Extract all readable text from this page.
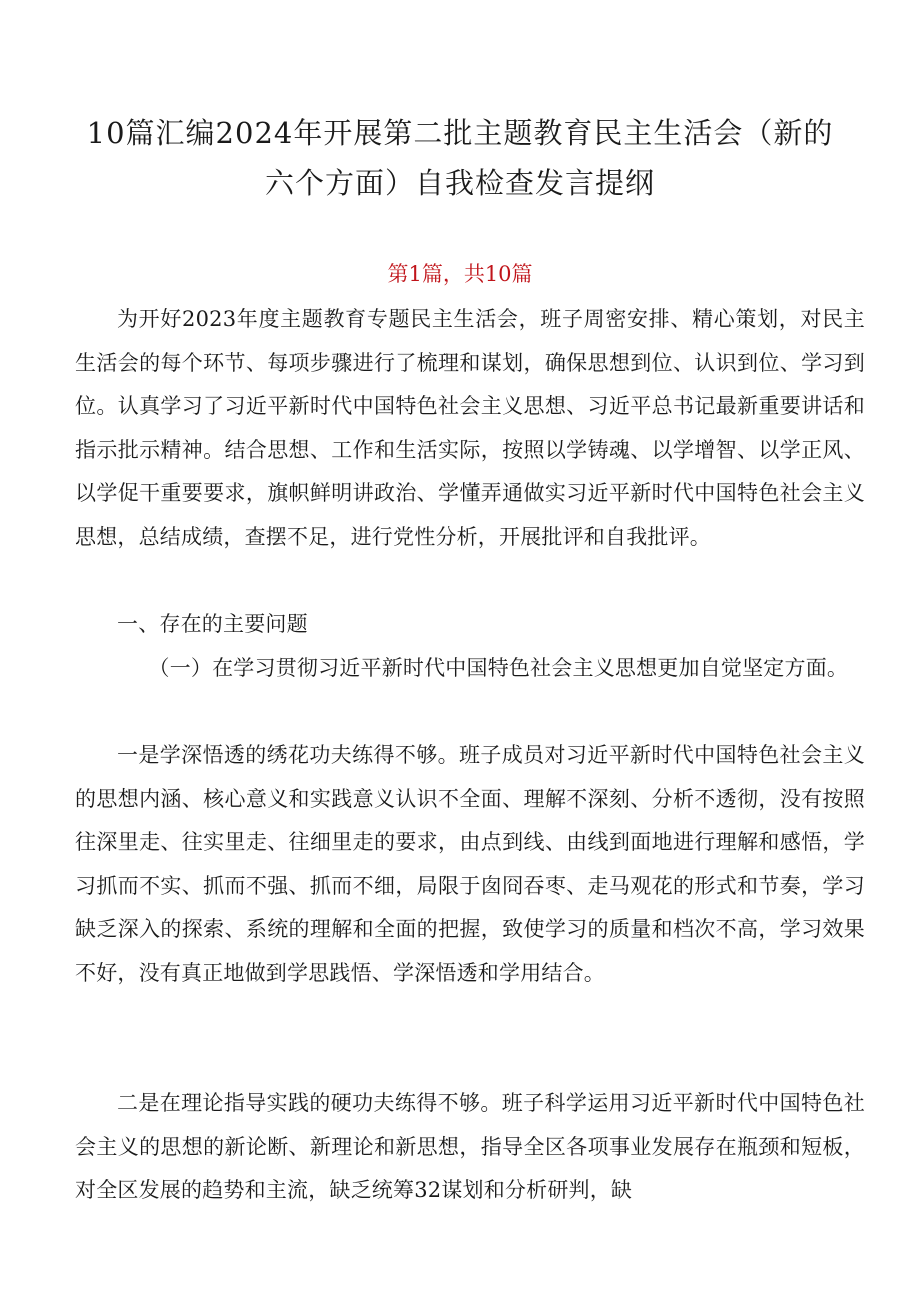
10篇汇编2024年开展第二批主题教育民主生活会（新的
六个方面）自我检查发言提纲

第1篇，共10篇

为开好2023年度主题教育专题民主生活会，班子周密安排、精心策划，对民主生活会的每个环节、每项步骤进行了梳理和谋划，确保思想到位、认识到位、学习到位。认真学习了习近平新时代中国特色社会主义思想、习近平总书记最新重要讲话和指示批示精神。结合思想、工作和生活实际，按照以学铸魂、以学增智、以学正风、以学促干重要要求，旗帜鲜明讲政治、学懂弄通做实习近平新时代中国特色社会主义思想，总结成绩，查摆不足，进行党性分析，开展批评和自我批评。

一、存在的主要问题

（一）在学习贯彻习近平新时代中国特色社会主义思想更加自觉坚定方面。

一是学深悟透的绣花功夫练得不够。班子成员对习近平新时代中国特色社会主义的思想内涵、核心意义和实践意义认识不全面、理解不深刻、分析不透彻，没有按照往深里走、往实里走、往细里走的要求，由点到线、由线到面地进行理解和感悟，学习抓而不实、抓而不强、抓而不细，局限于囱冏吞枣、走马观花的形式和节奏，学习缺乏深入的探索、系统的理解和全面的把握，致使学习的质量和档次不高，学习效果不好，没有真正地做到学思践悟、学深悟透和学用结合。

二是在理论指导实践的硬功夫练得不够。班子科学运用习近平新时代中国特色社会主义的思想的新论断、新理论和新思想，指导全区各项事业发展存在瓶颈和短板，对全区发展的趋势和主流，缺乏统筹32谋划和分析研判，缺
